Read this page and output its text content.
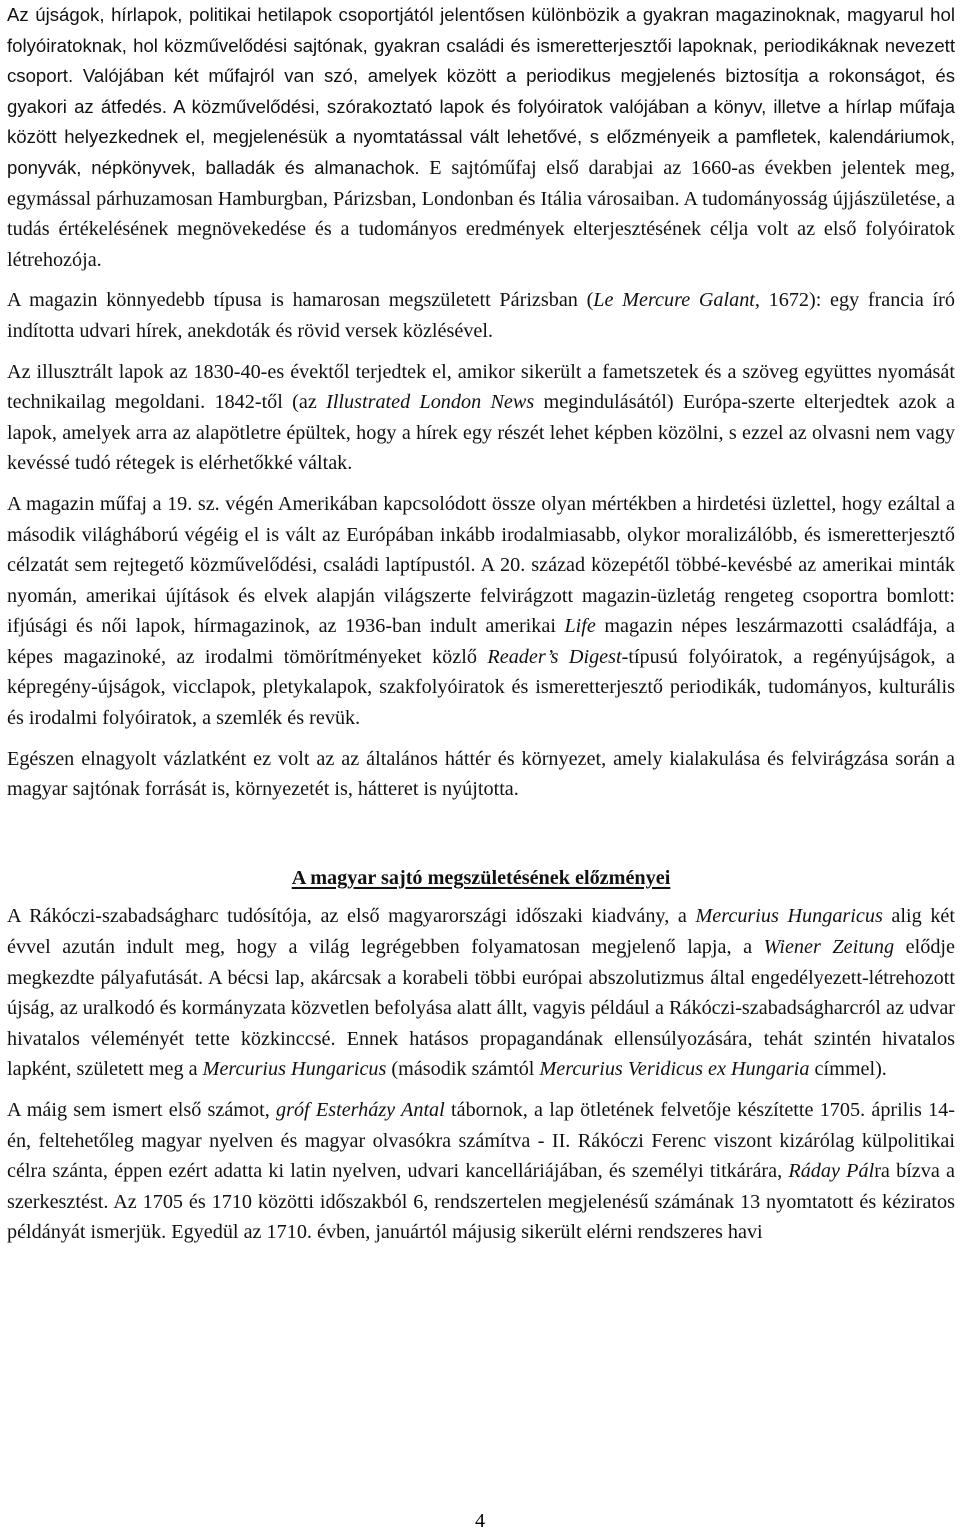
Az újságok, hírlapok, politikai hetilapok csoportjától jelentősen különbözik a gyakran magazinoknak, magyarul hol folyóiratoknak, hol közművelődési sajtónak, gyakran családi és ismeretterjesztői lapoknak, periodikáknak nevezett csoport. Valójában két műfajról van szó, amelyek között a periodikus megjelenés biztosítja a rokonságot, és gyakori az átfedés. A közművelődési, szórakoztató lapok és folyóiratok valójában a könyv, illetve a hírlap műfaja között helyezkednek el, megjelenésük a nyomtatással vált lehetővé, s előzményeik a pamfletek, kalendáriumok, ponyvák, népkönyvek, balladák és almanachok. E sajtóműfaj első darabjai az 1660-as években jelentek meg, egymással párhuzamosan Hamburgban, Párizsban, Londonban és Itália városaiban. A tudományosság újjászületése, a tudás értékelésének megnövekedése és a tudományos eredmények elterjesztésének célja volt az első folyóiratok létrehozója.

A magazin könnyedebb típusa is hamarosan megszületett Párizsban (Le Mercure Galant, 1672): egy francia író indította udvari hírek, anekdoták és rövid versek közlésével.

Az illusztrált lapok az 1830-40-es évektől terjedtek el, amikor sikerült a fametszetek és a szöveg együttes nyomását technikailag megoldani. 1842-től (az Illustrated London News megindulásától) Európa-szerte elterjedtek azok a lapok, amelyek arra az alapötletre épültek, hogy a hírek egy részét lehet képben közölni, s ezzel az olvasni nem vagy kevéssé tudó rétegek is elérhetőkké váltak.

A magazin műfaj a 19. sz. végén Amerikában kapcsolódott össze olyan mértékben a hirdetési üzlettel, hogy ezáltal a második világháború végéig el is vált az Európában inkább irodalmiasabb, olykor moralizálóbb, és ismeretterjesztő célzatát sem rejtegető közművelődési, családi laptípustól. A 20. század közepétől többé-kevésbé az amerikai minták nyomán, amerikai újítások és elvek alapján világszerte felvirágzott magazin-üzletág rengeteg csoportra bomlott: ifjúsági és női lapok, hírmagazinok, az 1936-ban indult amerikai Life magazin népes leszármazotti családfája, a képes magazinoké, az irodalmi tömörítményeket közlő Reader’s Digest-típusú folyóiratok, a regényújságok, a képregény-újságok, vicclapok, pletykalapok, szakfolyóiratok és ismeretterjesztő periodikák, tudományos, kulturális és irodalmi folyóiratok, a szemlék és revük.

Egészen elnagyolt vázlatként ez volt az az általános háttér és környezet, amely kialakulása és felvirágzása során a magyar sajtónak forrását is, környezetét is, hátteret is nyújtotta.

A magyar sajtó megszületésének előzményei

A Rákóczi-szabadságharc tudósítója, az első magyarországi időszaki kiadvány, a Mercurius Hungaricus alig két évvel azután indult meg, hogy a világ legrégebben folyamatosan megjelenő lapja, a Wiener Zeitung elődje megkezdte pályafutását. A bécsi lap, akárcsak a korabeli többi európai abszolutizmus által engedélyezett-létrehozott újság, az uralkodó és kormányzata közvetlen befolyása alatt állt, vagyis például a Rákóczi-szabadságharcról az udvar hivatalos véleményét tette közkinccsé. Ennek hatásos propagandának ellensúlyozására, tehát szintén hivatalos lapként, született meg a Mercurius Hungaricus (második számtól Mercurius Veridicus ex Hungaria címmel).

A máig sem ismert első számot, gróf Esterházy Antal tábornok, a lap ötletének felvetője készítette 1705. április 14-én, feltehetőleg magyar nyelven és magyar olvasókra számítva - II. Rákóczi Ferenc viszont kizárólag külpolitikai célra szánta, éppen ezért adatta ki latin nyelven, udvari kancelláriájában, és személyi titkárára, Ráday Pálra bízva a szerkesztést. Az 1705 és 1710 közötti időszakból 6, rendszertelen megjelenésű számának 13 nyomtatott és kéziratos példányát ismerjük. Egyedül az 1710. évben, januártól májusig sikerült elérni rendszeres havi

4
